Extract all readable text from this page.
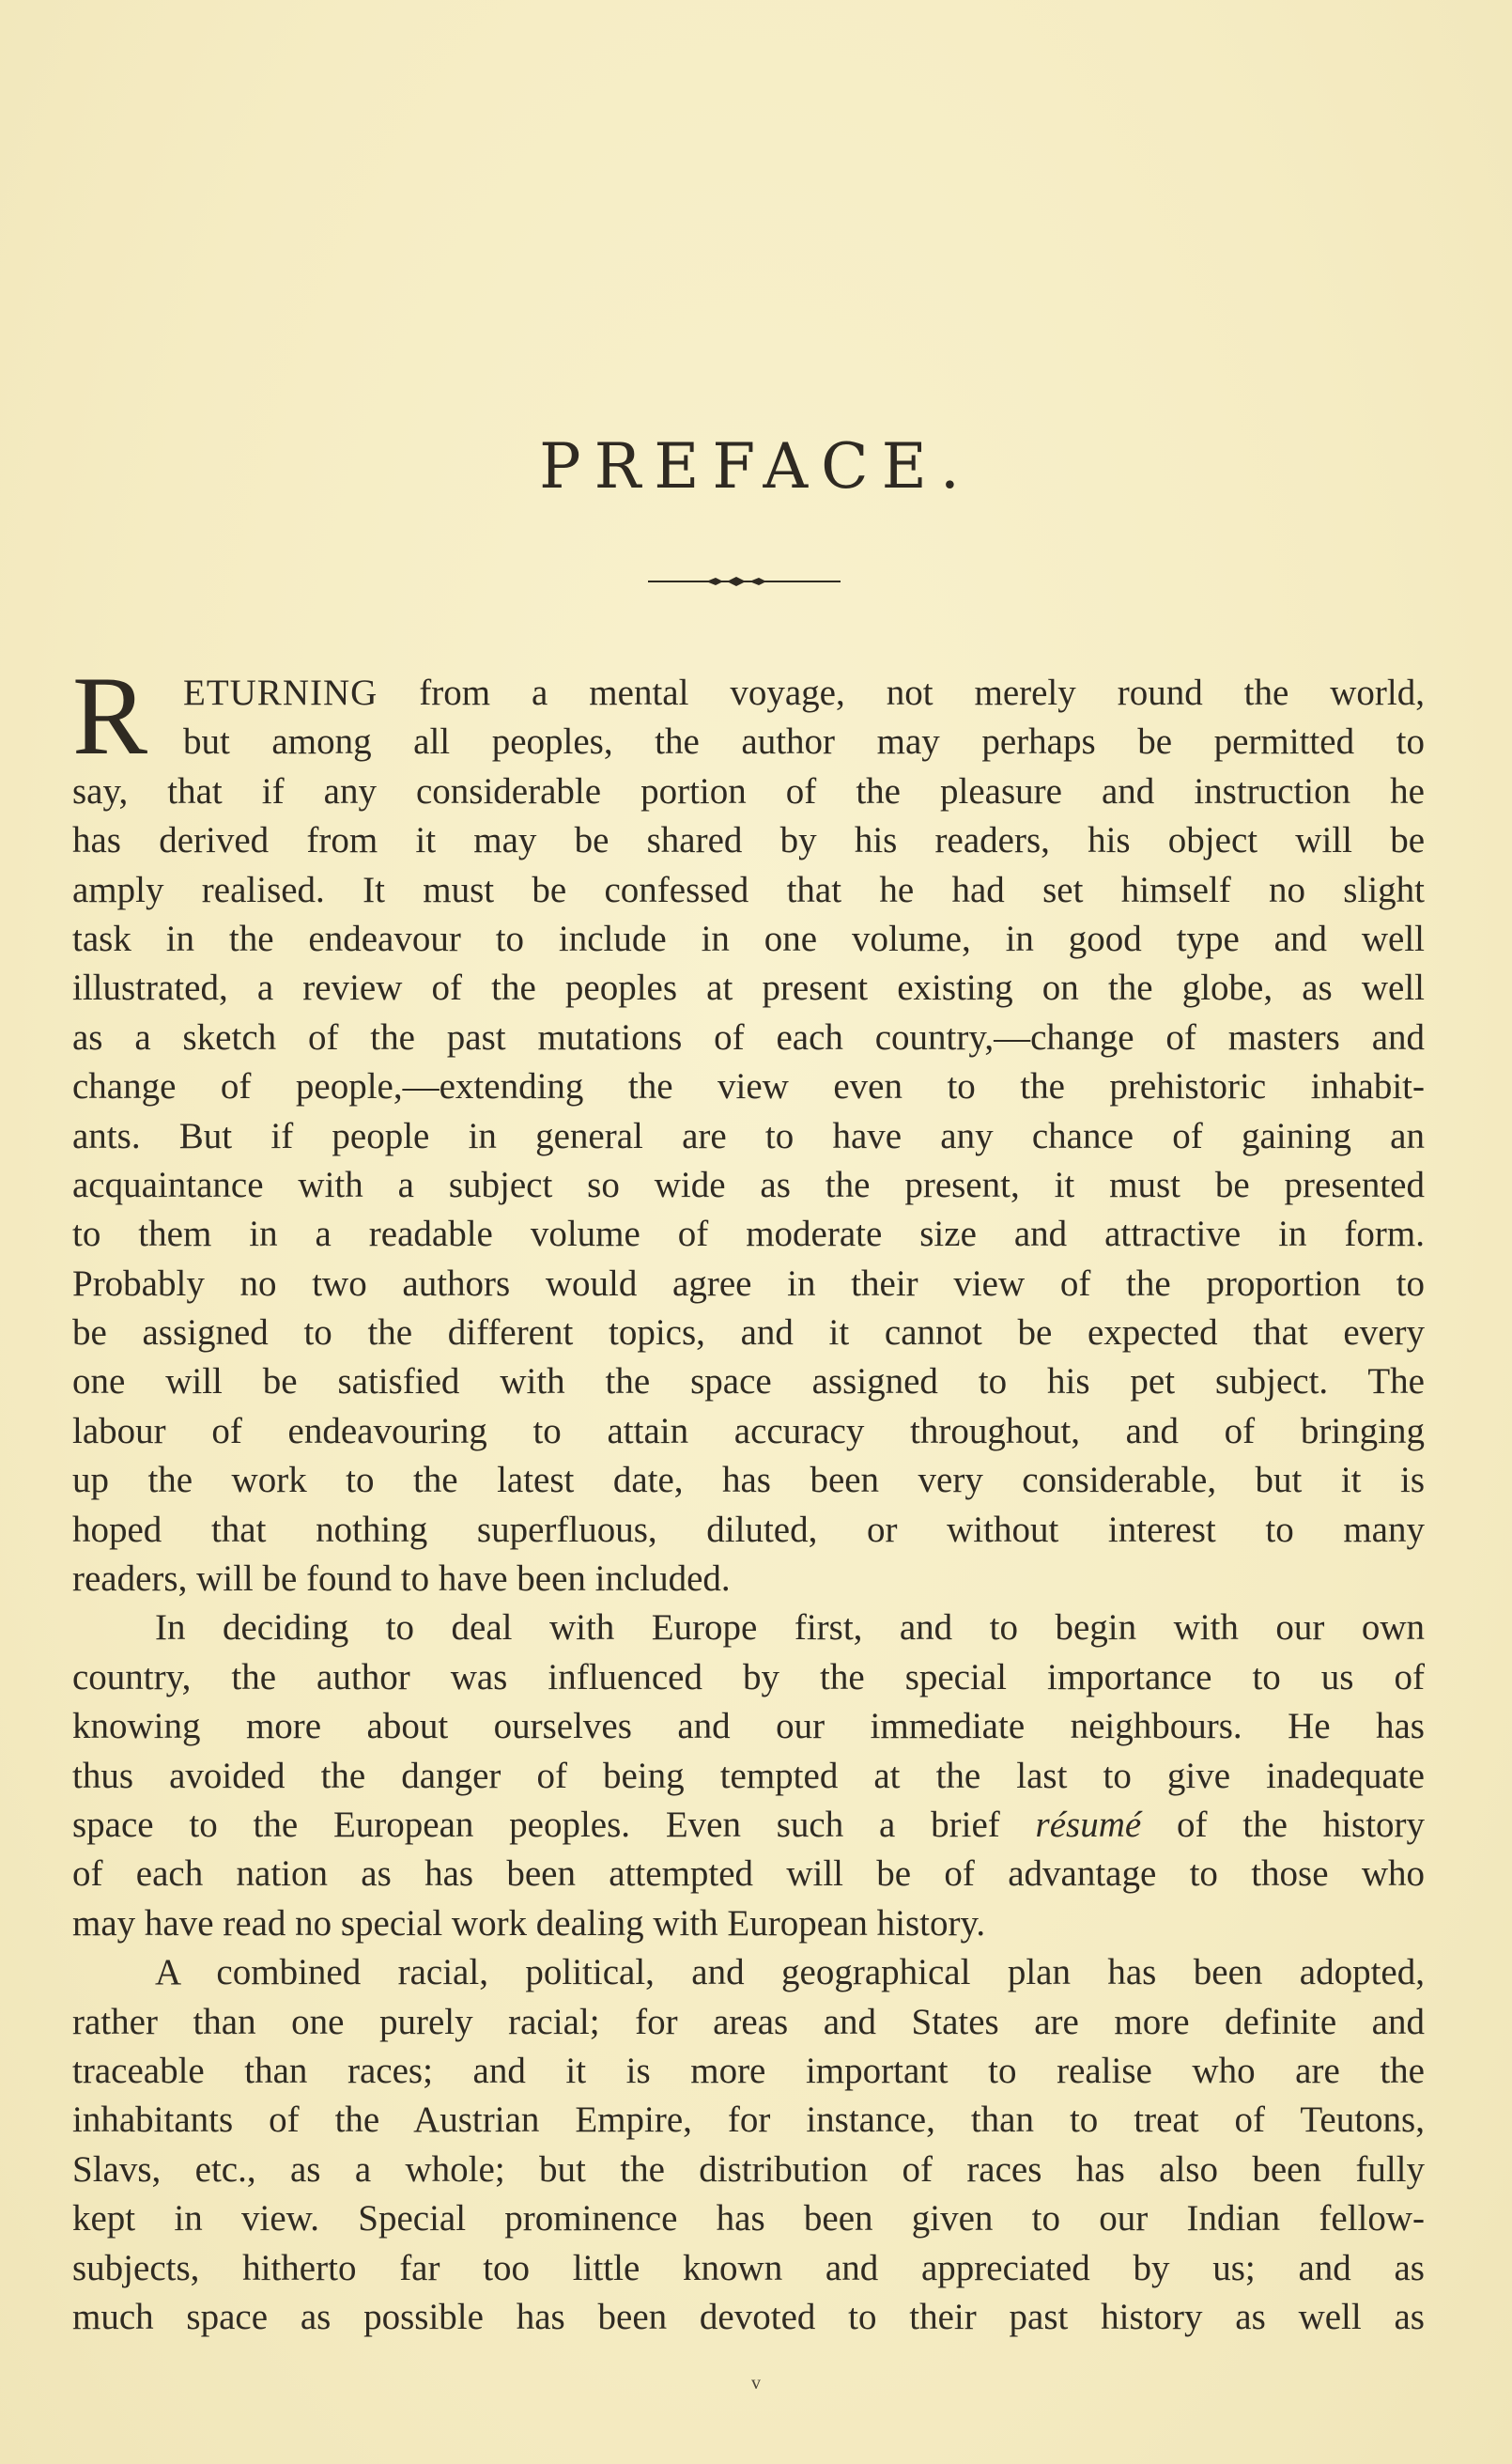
PREFACE.
R ETURNING from a mental voyage, not merely round the world,
but among all peoples, the author may perhaps be permitted to
say, that if any considerable portion of the pleasure and instruction he
has derived from it may be shared by his readers, his object will be
amply realised. It must be confessed that he had set himself no slight
task in the endeavour to include in one volume, in good type and well
illustrated, a review of the peoples at present existing on the globe, as well
as a sketch of the past mutations of each country,—change of masters and
change of people,—extending the view even to the prehistoric inhabit-
ants. But if people in general are to have any chance of gaining an
acquaintance with a subject so wide as the present, it must be presented
to them in a readable volume of moderate size and attractive in form.
Probably no two authors would agree in their view of the proportion to
be assigned to the different topics, and it cannot be expected that every
one will be satisfied with the space assigned to his pet subject. The
labour of endeavouring to attain accuracy throughout, and of bringing
up the work to the latest date, has been very considerable, but it is
hoped that nothing superfluous, diluted, or without interest to many
readers, will be found to have been included.
In deciding to deal with Europe first, and to begin with our own
country, the author was influenced by the special importance to us of
knowing more about ourselves and our immediate neighbours. He has
thus avoided the danger of being tempted at the last to give inadequate
space to the European peoples. Even such a brief résumé of the history
of each nation as has been attempted will be of advantage to those who
may have read no special work dealing with European history.
A combined racial, political, and geographical plan has been adopted,
rather than one purely racial; for areas and States are more definite and
traceable than races; and it is more important to realise who are the
inhabitants of the Austrian Empire, for instance, than to treat of Teutons,
Slavs, etc., as a whole; but the distribution of races has also been fully
kept in view. Special prominence has been given to our Indian fellow-
subjects, hitherto far too little known and appreciated by us; and as
much space as possible has been devoted to their past history as well as
v
